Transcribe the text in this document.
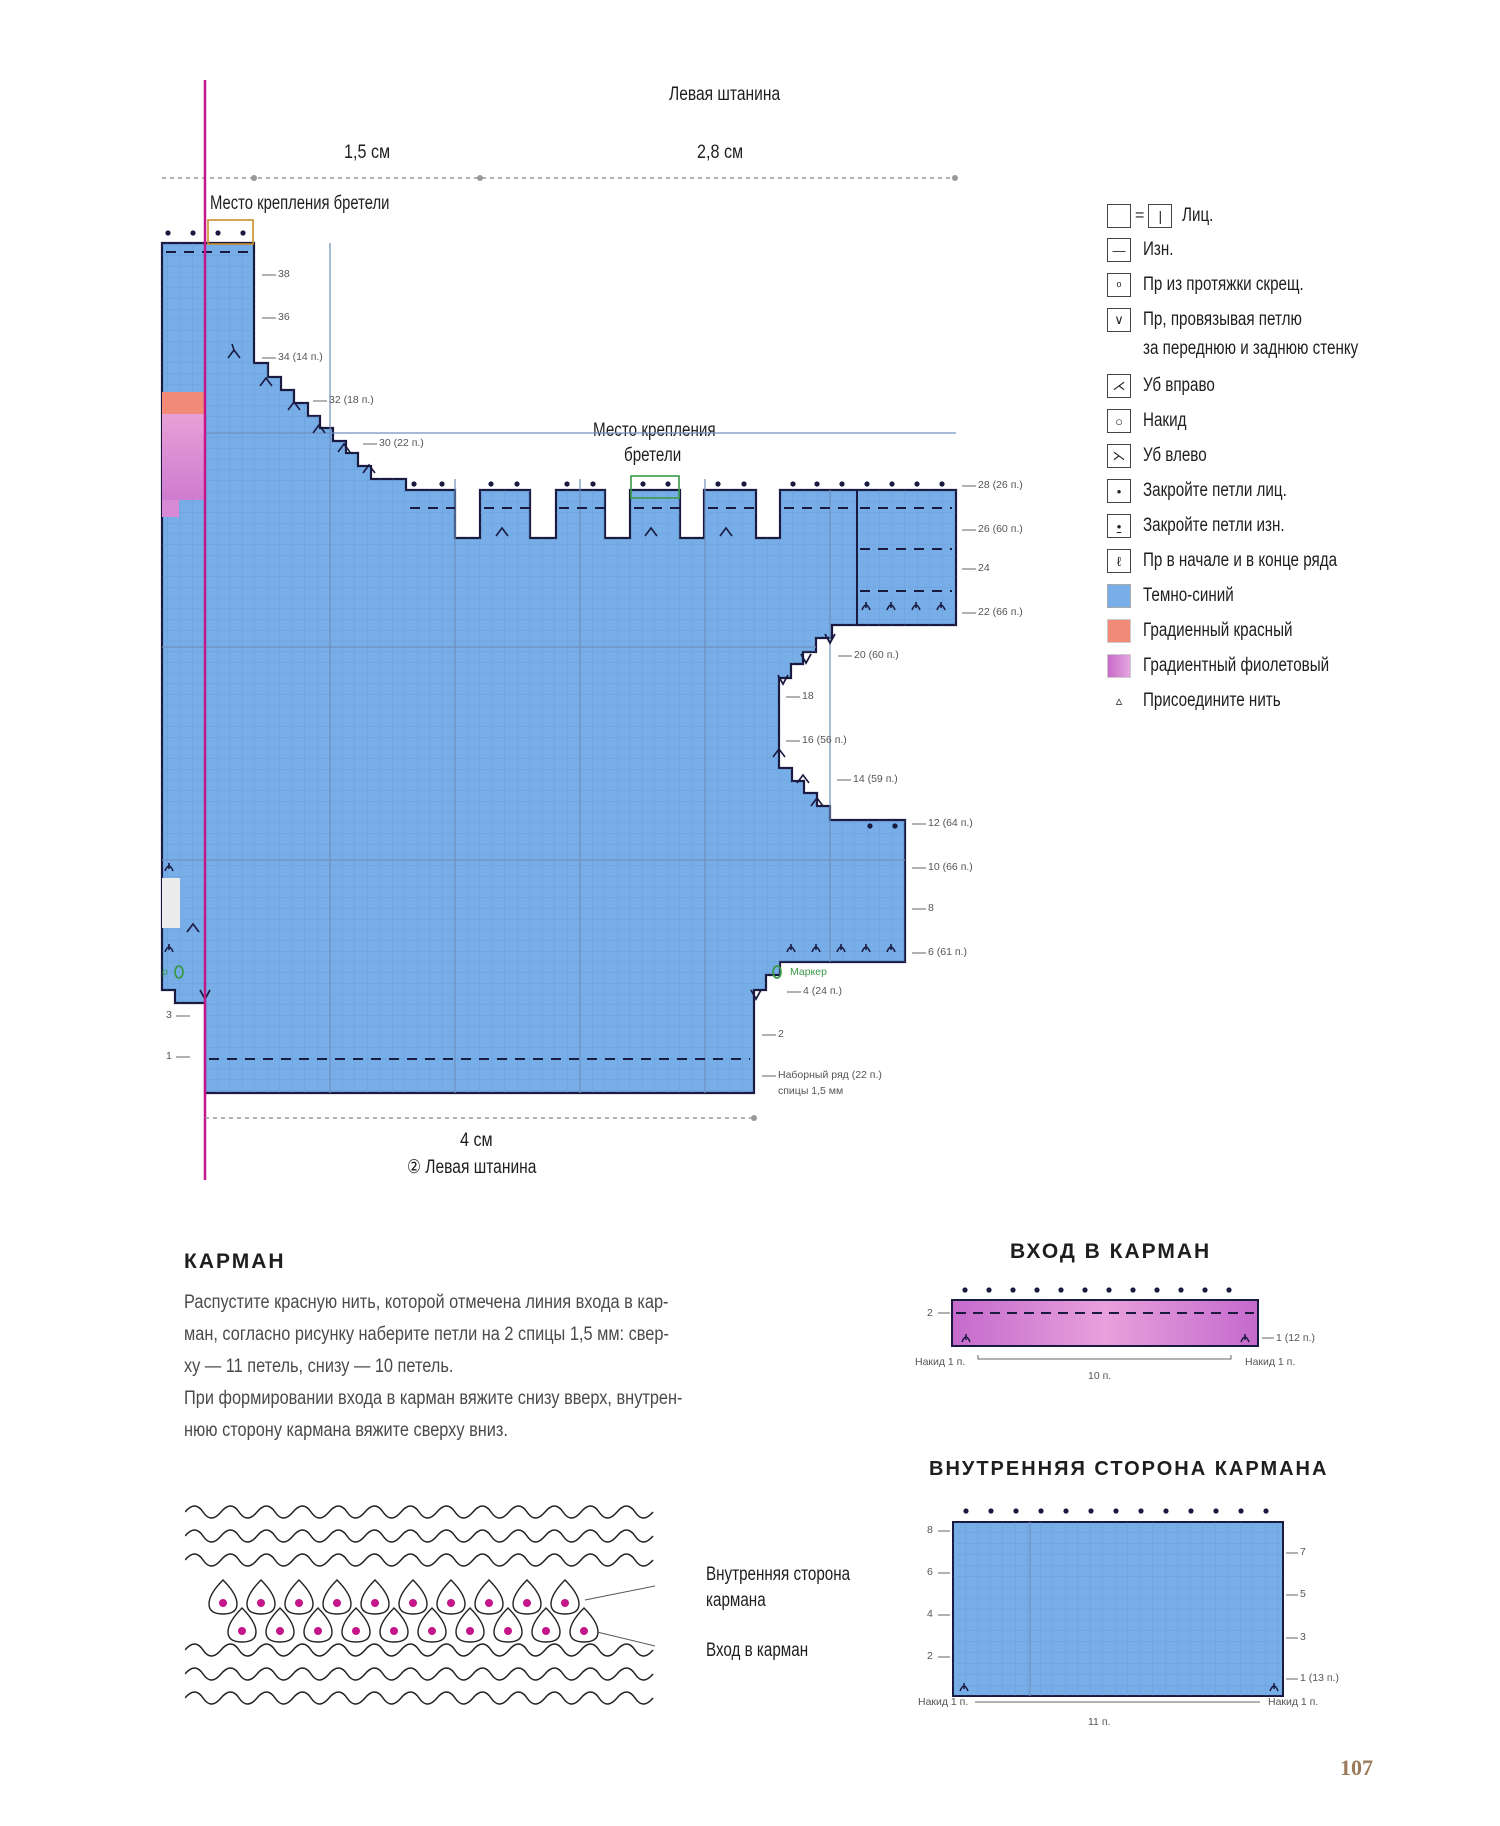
Левая штанина
1,5 см	2,8 см
Место крепления бретели
Место крепления
бретели
38
36
34 (14 п.)
32 (18 п.)
30 (22 п.)
28 (26 п.)
26 (60 п.)
24
22 (66 п.)
20 (60 п.)
18
16 (56 п.)
14 (59 п.)
12 (64 п.)
10 (66 п.)
8
6 (61 п.)
4 (24 п.)
2
3
1
Маркер
р
Наборный ряд (22 п.)
спицы 1,5 мм
4 см
② Левая штанина
=	|	Лиц.
— Изн.
ᵒ	Пр из протяжки скрещ.
∨	Пр, провязывая петлю
за переднюю и заднюю стенку
⋌ Уб вправо
○	Накид
⋋ Уб влево
•	Закройте петли лиц.
•	Закройте петли изн.
ℓ	Пр в начале и в конце ряда
Темно-синий
Градиенный красный
Градиентный фиолетовый
▵	Присоедините нить
КАРМАН
Распустите красную нить, которой отмечена линия входа в кар-
ман, согласно рисунку наберите петли на 2 спицы 1,5 мм: свер-
ху — 11 петель, снизу — 10 петель.
При формировании входа в карман вяжите снизу вверх, внутрен-
нюю сторону кармана вяжите сверху вниз.
Внутренняя сторона
кармана
Вход в карман
ВХОД В КАРМАН
2
1 (12 п.)
Накид 1 п.	Накид 1 п.
10 п.
ВНУТРЕННЯЯ СТОРОНА КАРМАНА
8
6
4
2
7
5
3
1 (13 п.)
Накид 1 п.	Накид 1 п.
11 п.
107
